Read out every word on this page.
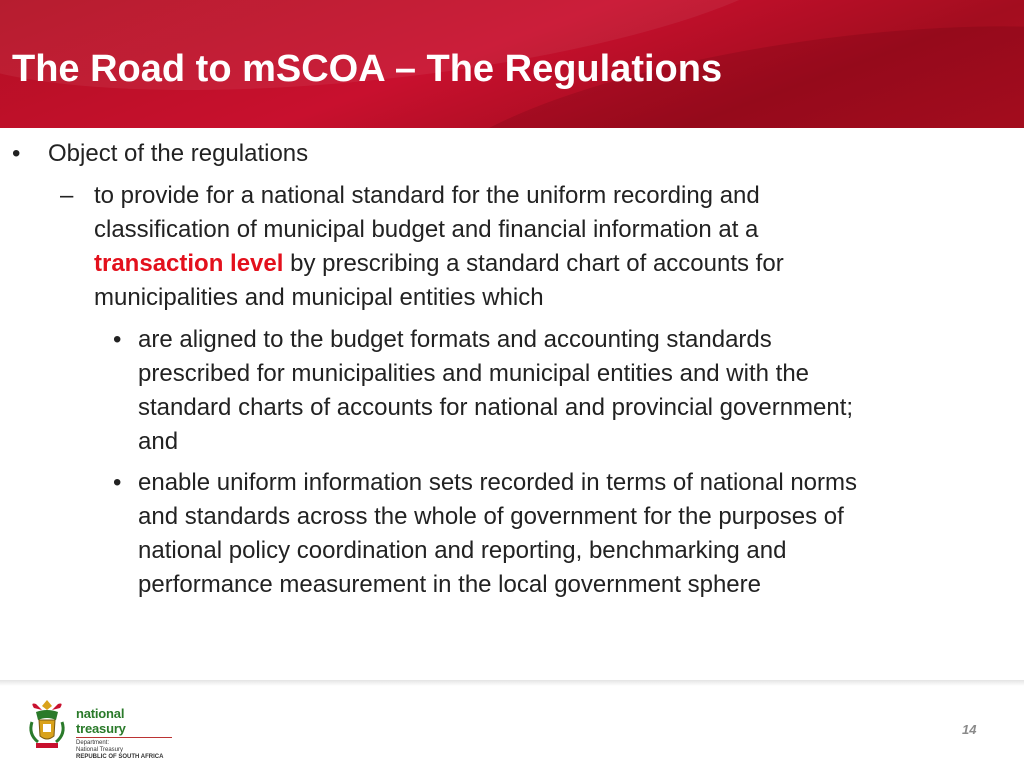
The Road to mSCOA – The Regulations
• Object of the regulations
– to provide for a national standard for the uniform recording and
classification of municipal budget and financial information at a
transaction level by prescribing a standard chart of accounts for
municipalities and municipal entities which
• are aligned to the budget formats and accounting standards
prescribed for municipalities and municipal entities and with the
standard charts of accounts for national and provincial government;
and
• enable uniform information sets recorded in terms of national norms
and standards across the whole of government for the purposes of
national policy coordination and reporting, benchmarking and
performance measurement in the local government sphere
national treasury
Department:
National Treasury
REPUBLIC OF SOUTH AFRICA
14
